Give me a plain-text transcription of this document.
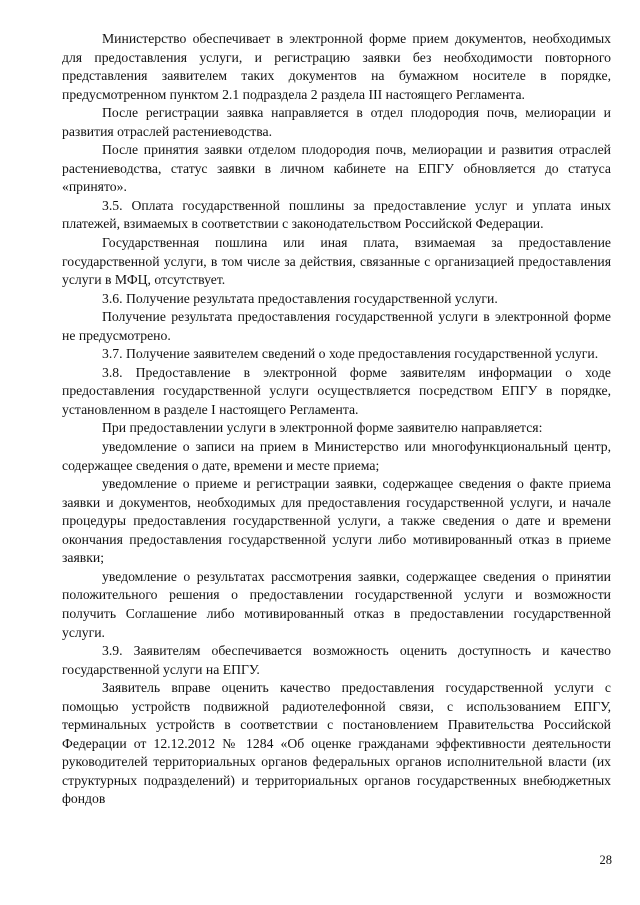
Министерство обеспечивает в электронной форме прием документов, необходимых для предоставления услуги, и регистрацию заявки без необходимости повторного представления заявителем таких документов на бумажном носителе в порядке, предусмотренном пунктом 2.1 подраздела 2 раздела III настоящего Регламента.

После регистрации заявка направляется в отдел плодородия почв, мелиорации и развития отраслей растениеводства.

После принятия заявки отделом плодородия почв, мелиорации и развития отраслей растениеводства, статус заявки в личном кабинете на ЕПГУ обновляется до статуса «принято».

3.5. Оплата государственной пошлины за предоставление услуг и уплата иных платежей, взимаемых в соответствии с законодательством Российской Федерации.

Государственная пошлина или иная плата, взимаемая за предоставление государственной услуги, в том числе за действия, связанные с организацией предоставления услуги в МФЦ, отсутствует.

3.6. Получение результата предоставления государственной услуги.

Получение результата предоставления государственной услуги в электронной форме не предусмотрено.

3.7. Получение заявителем сведений о ходе предоставления государственной услуги.

3.8. Предоставление в электронной форме заявителям информации о ходе предоставления государственной услуги осуществляется посредством ЕПГУ в порядке, установленном в разделе I настоящего Регламента.

При предоставлении услуги в электронной форме заявителю направляется:

уведомление о записи на прием в Министерство или многофункциональный центр, содержащее сведения о дате, времени и месте приема;

уведомление о приеме и регистрации заявки, содержащее сведения о факте приема заявки и документов, необходимых для предоставления государственной услуги, и начале процедуры предоставления государственной услуги, а также сведения о дате и времени окончания предоставления государственной услуги либо мотивированный отказ в приеме заявки;

уведомление о результатах рассмотрения заявки, содержащее сведения о принятии положительного решения о предоставлении государственной услуги и возможности получить Соглашение либо мотивированный отказ в предоставлении государственной услуги.

3.9. Заявителям обеспечивается возможность оценить доступность и качество государственной услуги на ЕПГУ.

Заявитель вправе оценить качество предоставления государственной услуги с помощью устройств подвижной радиотелефонной связи, с использованием ЕПГУ, терминальных устройств в соответствии с постановлением Правительства Российской Федерации от 12.12.2012 № 1284 «Об оценке гражданами эффективности деятельности руководителей территориальных органов федеральных органов исполнительной власти (их структурных подразделений) и территориальных органов государственных внебюджетных фондов

28
